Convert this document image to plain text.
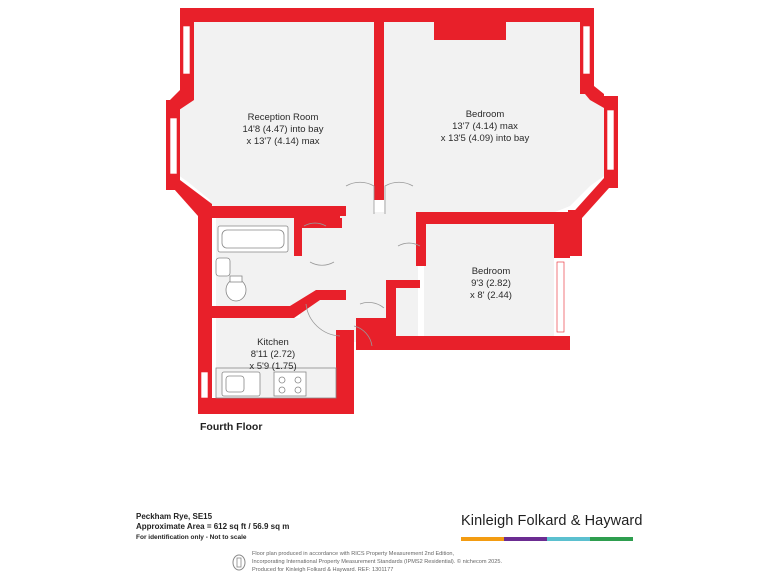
Reception Room
14'8 (4.47) into bay
x 13'7 (4.14) max
Bedroom
13'7 (4.14) max
x 13'5 (4.09) into bay
Bedroom
9'3 (2.82)
x 8' (2.44)
Kitchen
8'11 (2.72)
x 5'9 (1.75)
Fourth Floor
Peckham Rye, SE15
Approximate Area = 612 sq ft / 56.9 sq m
For identification only - Not to scale
Kinleigh Folkard & Hayward
Floor plan produced in accordance with RICS Property Measurement 2nd Edition,
Incorporating International Property Measurement Standards (IPMS2 Residential). © nichecom 2025.
Produced for Kinleigh Folkard & Hayward. REF: 1301177
